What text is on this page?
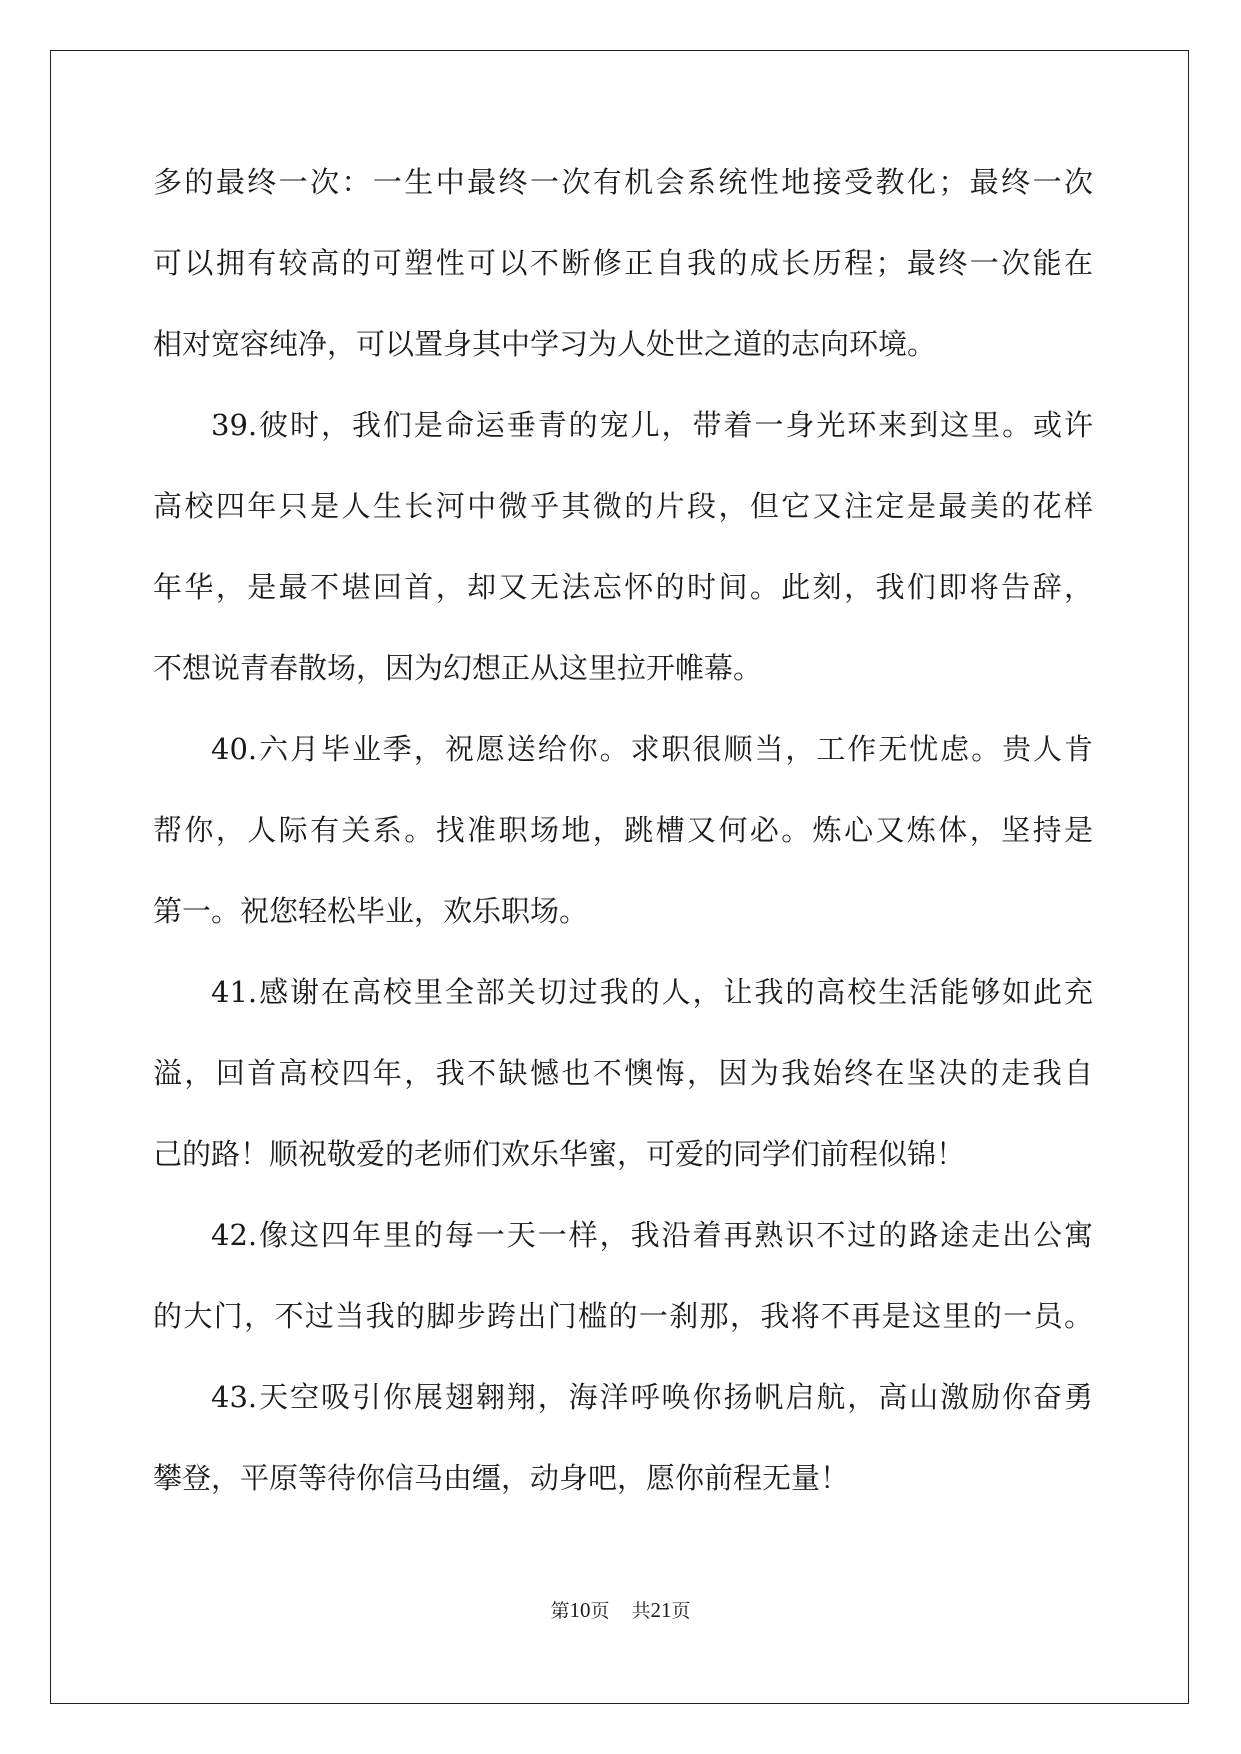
多的最终一次：一生中最终一次有机会系统性地接受教化；最终一次
可以拥有较高的可塑性可以不断修正自我的成长历程；最终一次能在
相对宽容纯净，可以置身其中学习为人处世之道的志向环境。
39.彼时，我们是命运垂青的宠儿，带着一身光环来到这里。或许
高校四年只是人生长河中微乎其微的片段，但它又注定是最美的花样
年华，是最不堪回首，却又无法忘怀的时间。此刻，我们即将告辞，
不想说青春散场，因为幻想正从这里拉开帷幕。
40.六月毕业季，祝愿送给你。求职很顺当，工作无忧虑。贵人肯
帮你，人际有关系。找准职场地，跳槽又何必。炼心又炼体，坚持是
第一。祝您轻松毕业，欢乐职场。
41.感谢在高校里全部关切过我的人，让我的高校生活能够如此充
溢，回首高校四年，我不缺憾也不懊悔，因为我始终在坚决的走我自
己的路！顺祝敬爱的老师们欢乐华蜜，可爱的同学们前程似锦！
42.像这四年里的每一天一样，我沿着再熟识不过的路途走出公寓
的大门，不过当我的脚步跨出门槛的一刹那，我将不再是这里的一员。
43.天空吸引你展翅翱翔，海洋呼唤你扬帆启航，高山激励你奋勇
攀登，平原等待你信马由缰，动身吧，愿你前程无量！
第10页 共21页
